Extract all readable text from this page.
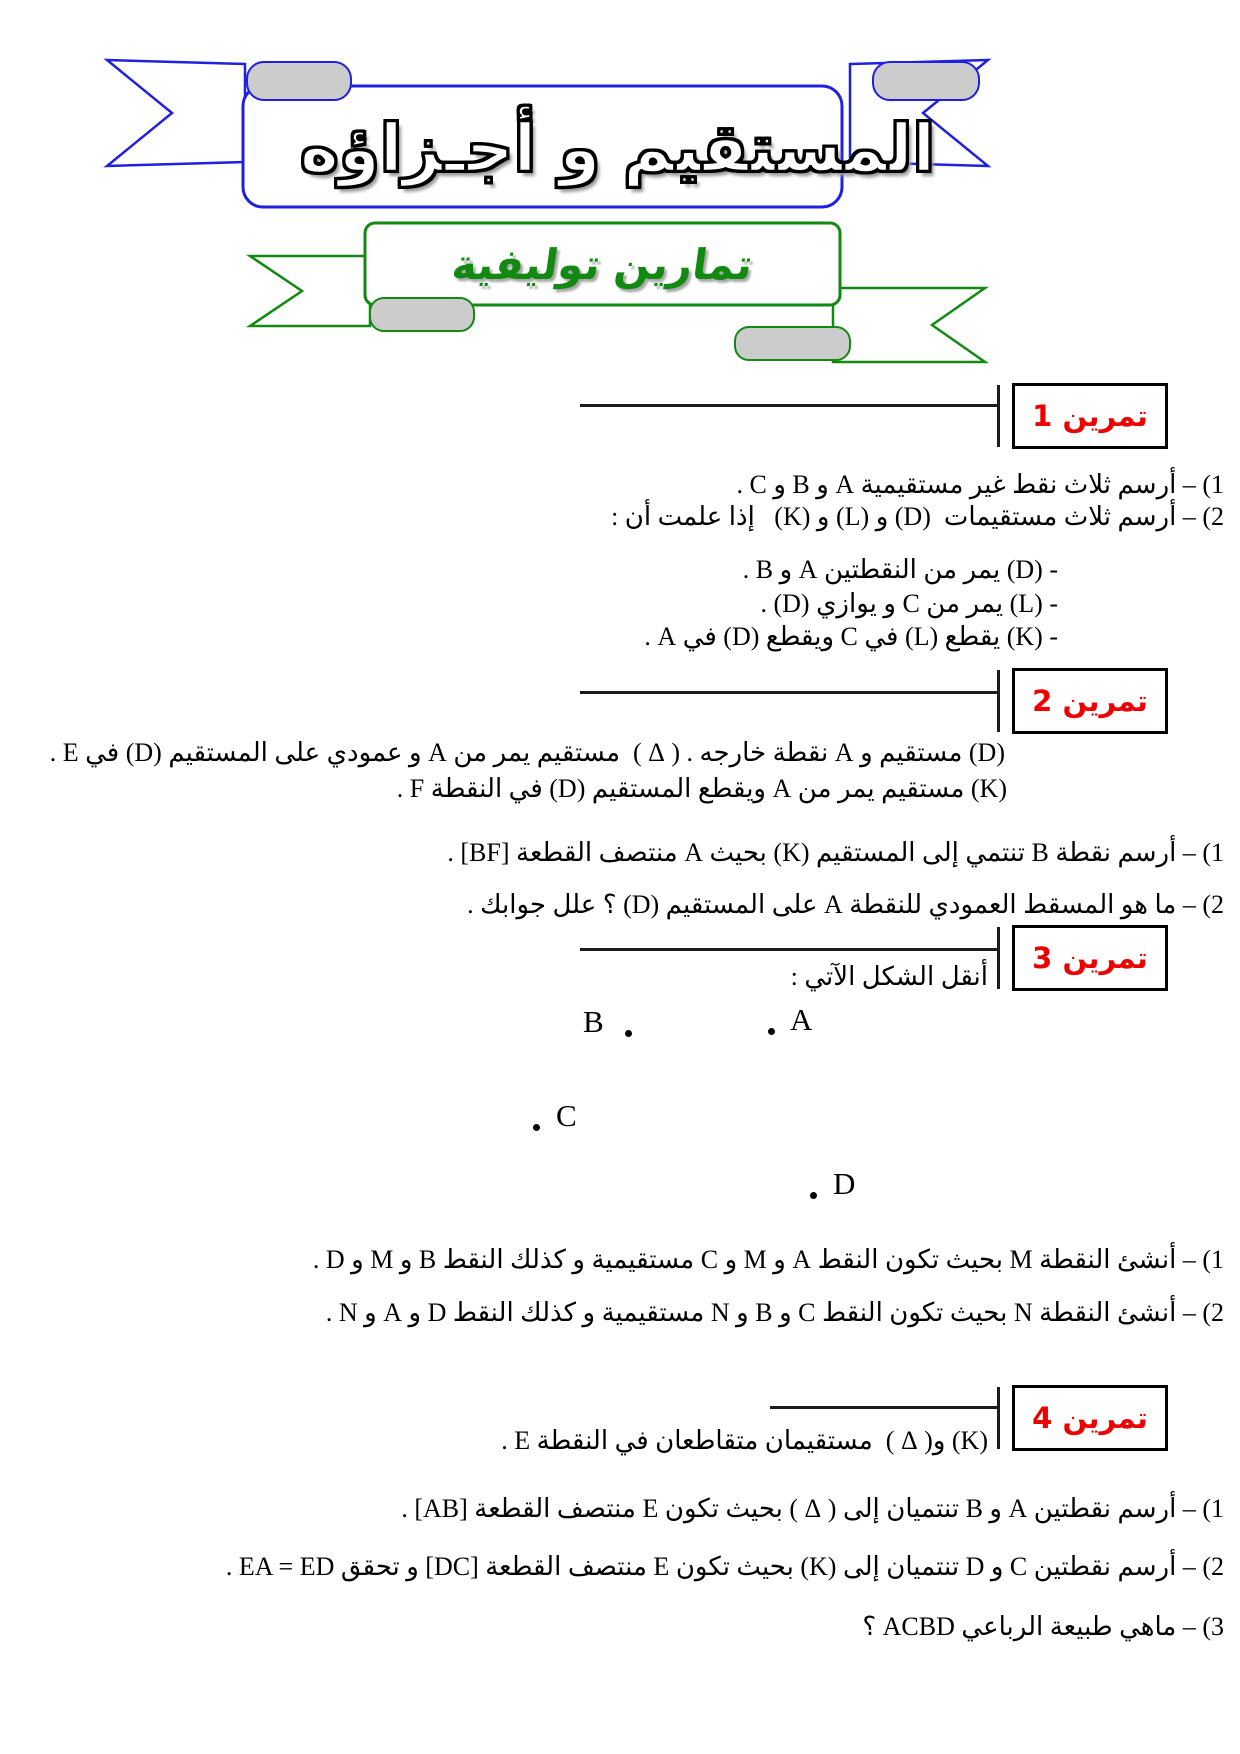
المستقيم و أجـزاؤه
تمارين توليفية
تمرين 1
1) – أرسم ثلاث نقط غير مستقيمية A و B و C .
2) – أرسم ثلاث مستقيمات  (D) و (L) و (K)   إذا علمت أن :
- (D) يمر من النقطتين A و B .
- (L) يمر من C و يوازي (D) .
- (K) يقطع (L) في C ويقطع (D) في A .
تمرين 2
(D) مستقيم و A نقطة خارجه . ( Δ )  مستقيم يمر من A و عمودي على المستقيم (D) في E .
(K) مستقيم يمر من A ويقطع المستقيم (D) في النقطة F .
1) – أرسم نقطة B تنتمي إلى المستقيم (K) بحيث A منتصف القطعة [BF] .
2) – ما هو المسقط العمودي للنقطة A على المستقيم (D) ؟ علل جوابك .
تمرين 3
أنقل الشكل الآتي :
B	A
C
D
1) – أنشئ النقطة M بحيث تكون النقط A و M و C مستقيمية و كذلك النقط B و M و D .
2) – أنشئ النقطة N بحيث تكون النقط C و B و N مستقيمية و كذلك النقط D و A و N .
تمرين 4
(K) و( Δ )  مستقيمان متقاطعان في النقطة E .
1) – أرسم نقطتين A و B تنتميان إلى ( Δ ) بحيث تكون E منتصف القطعة [AB] .
2) – أرسم نقطتين C و D تنتميان إلى (K) بحيث تكون E منتصف القطعة [DC] و تحقق EA = ED .
3) – ماهي طبيعة الرباعي ACBD ؟
